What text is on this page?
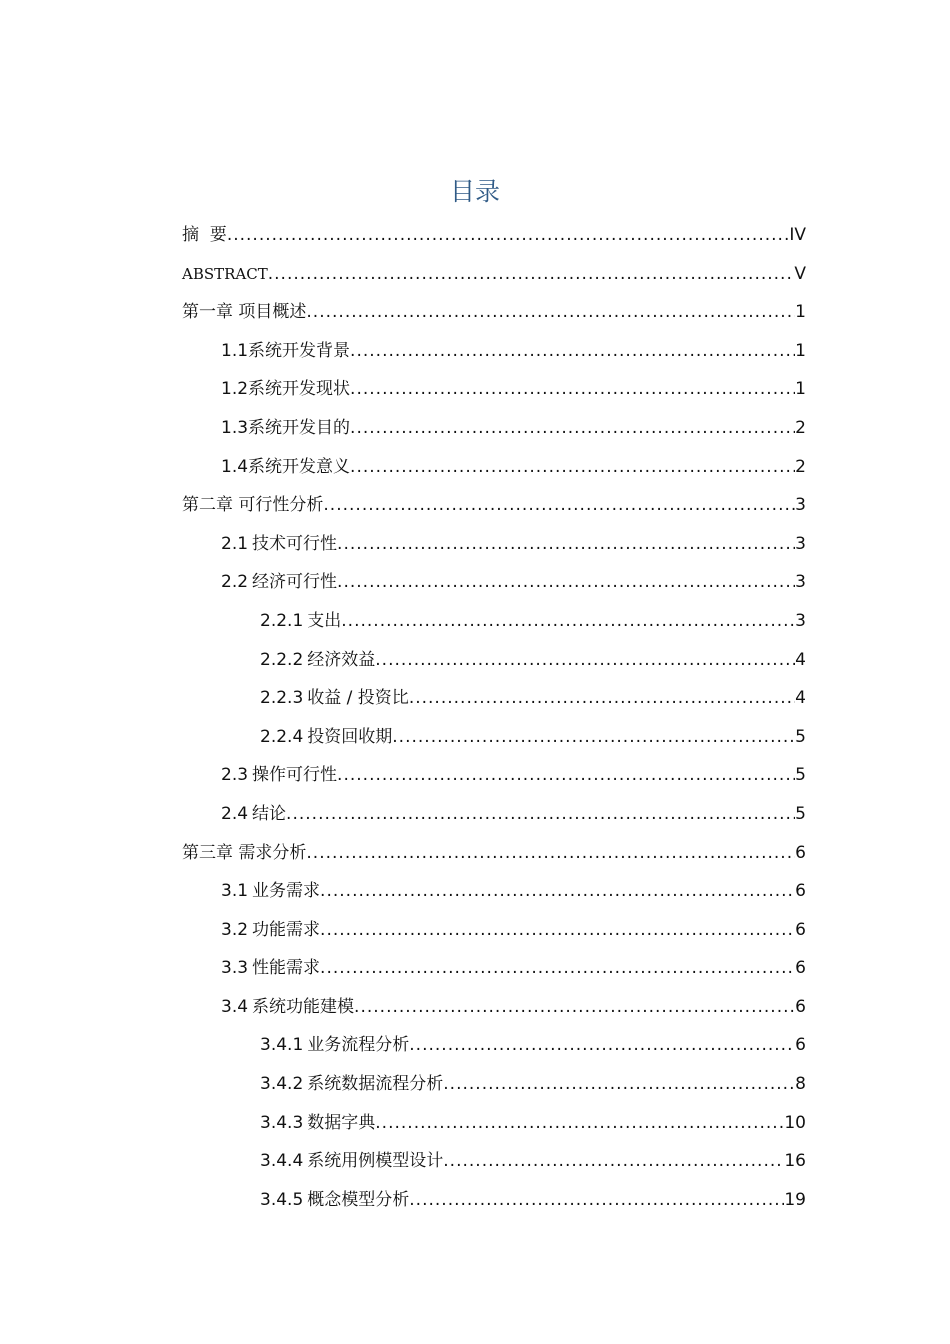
目录
摘  要 .....	IV
ABSTRACT .....	V
第一章 项目概述 .....	1
1.1 系统开发背景 .....	1
1.2 系统开发现状 .....	1
1.3 系统开发目的 .....	2
1.4 系统开发意义 .....	2
第二章 可行性分析 .....	3
2.1 技术可行性 .....	3
2.2 经济可行性 .....	3
2.2.1 支出 .....	3
2.2.2 经济效益 .....	4
2.2.3 收益 / 投资比 .....	4
2.2.4 投资回收期 .....	5
2.3 操作可行性 .....	5
2.4 结论 .....	5
第三章 需求分析 .....	6
3.1 业务需求 .....	6
3.2 功能需求 .....	6
3.3 性能需求 .....	6
3.4 系统功能建模 .....	6
3.4.1 业务流程分析 .....	6
3.4.2 系统数据流程分析 .....	8
3.4.3 数据字典 .....	10
3.4.4 系统用例模型设计 .....	16
3.4.5 概念模型分析 .....	19
